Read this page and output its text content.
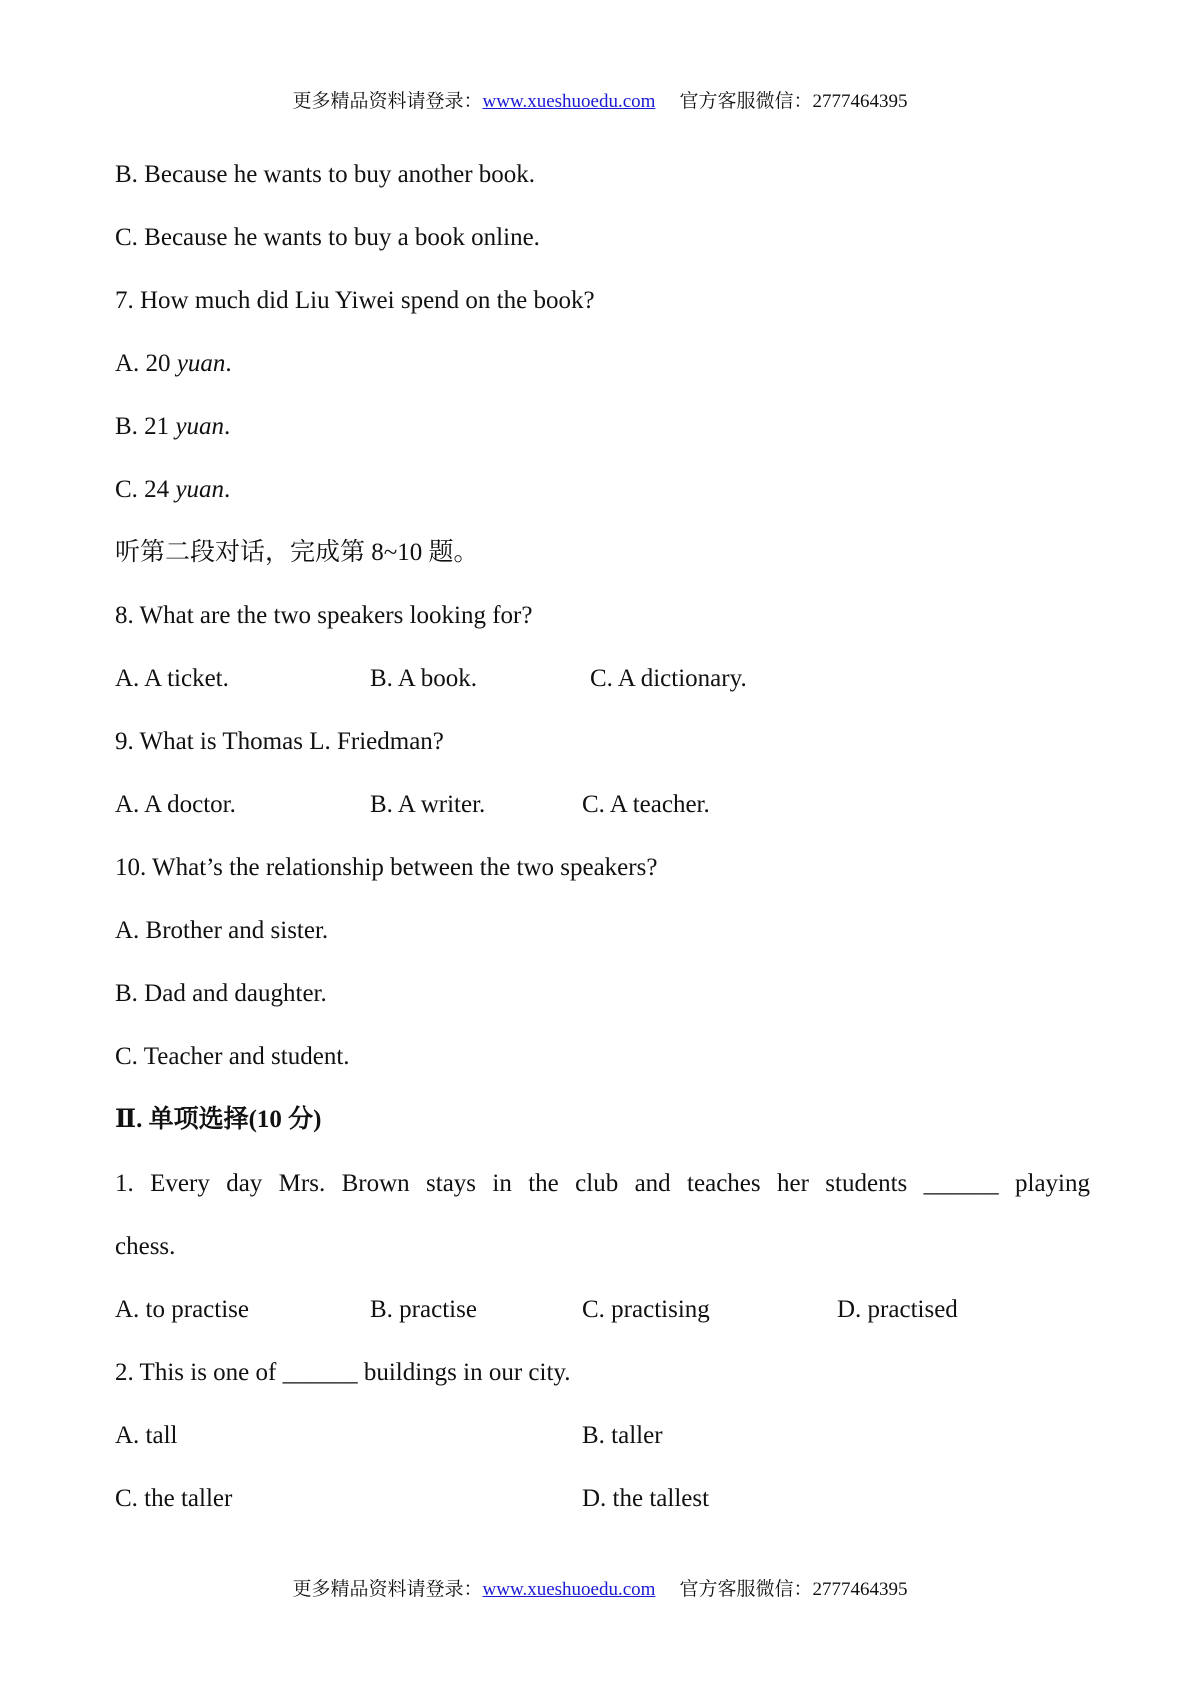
更多精品资料请登录：www.xueshuoedu.com 官方客服微信：2777464395
B. Because he wants to buy another book.
C. Because he wants to buy a book online.
7. How much did Liu Yiwei spend on the book?
A. 20 yuan.
B. 21 yuan.
C. 24 yuan.
听第二段对话，完成第 8~10 题。
8. What are the two speakers looking for?
A. A ticket.	B. A book.	C. A dictionary.
9. What is Thomas L. Friedman?
A. A doctor.	B. A writer.	C. A teacher.
10. What’s the relationship between the two speakers?
A. Brother and sister.
B. Dad and daughter.
C. Teacher and student.
Ⅱ. 单项选择(10 分)
1. Every day Mrs. Brown stays in the club and teaches her students ______ playing
chess.
A. to practise	B. practise	C. practising	D. practised
2. This is one of ______ buildings in our city.
A. tall	B. taller
C. the taller	D. the tallest
更多精品资料请登录：www.xueshuoedu.com 官方客服微信：2777464395
